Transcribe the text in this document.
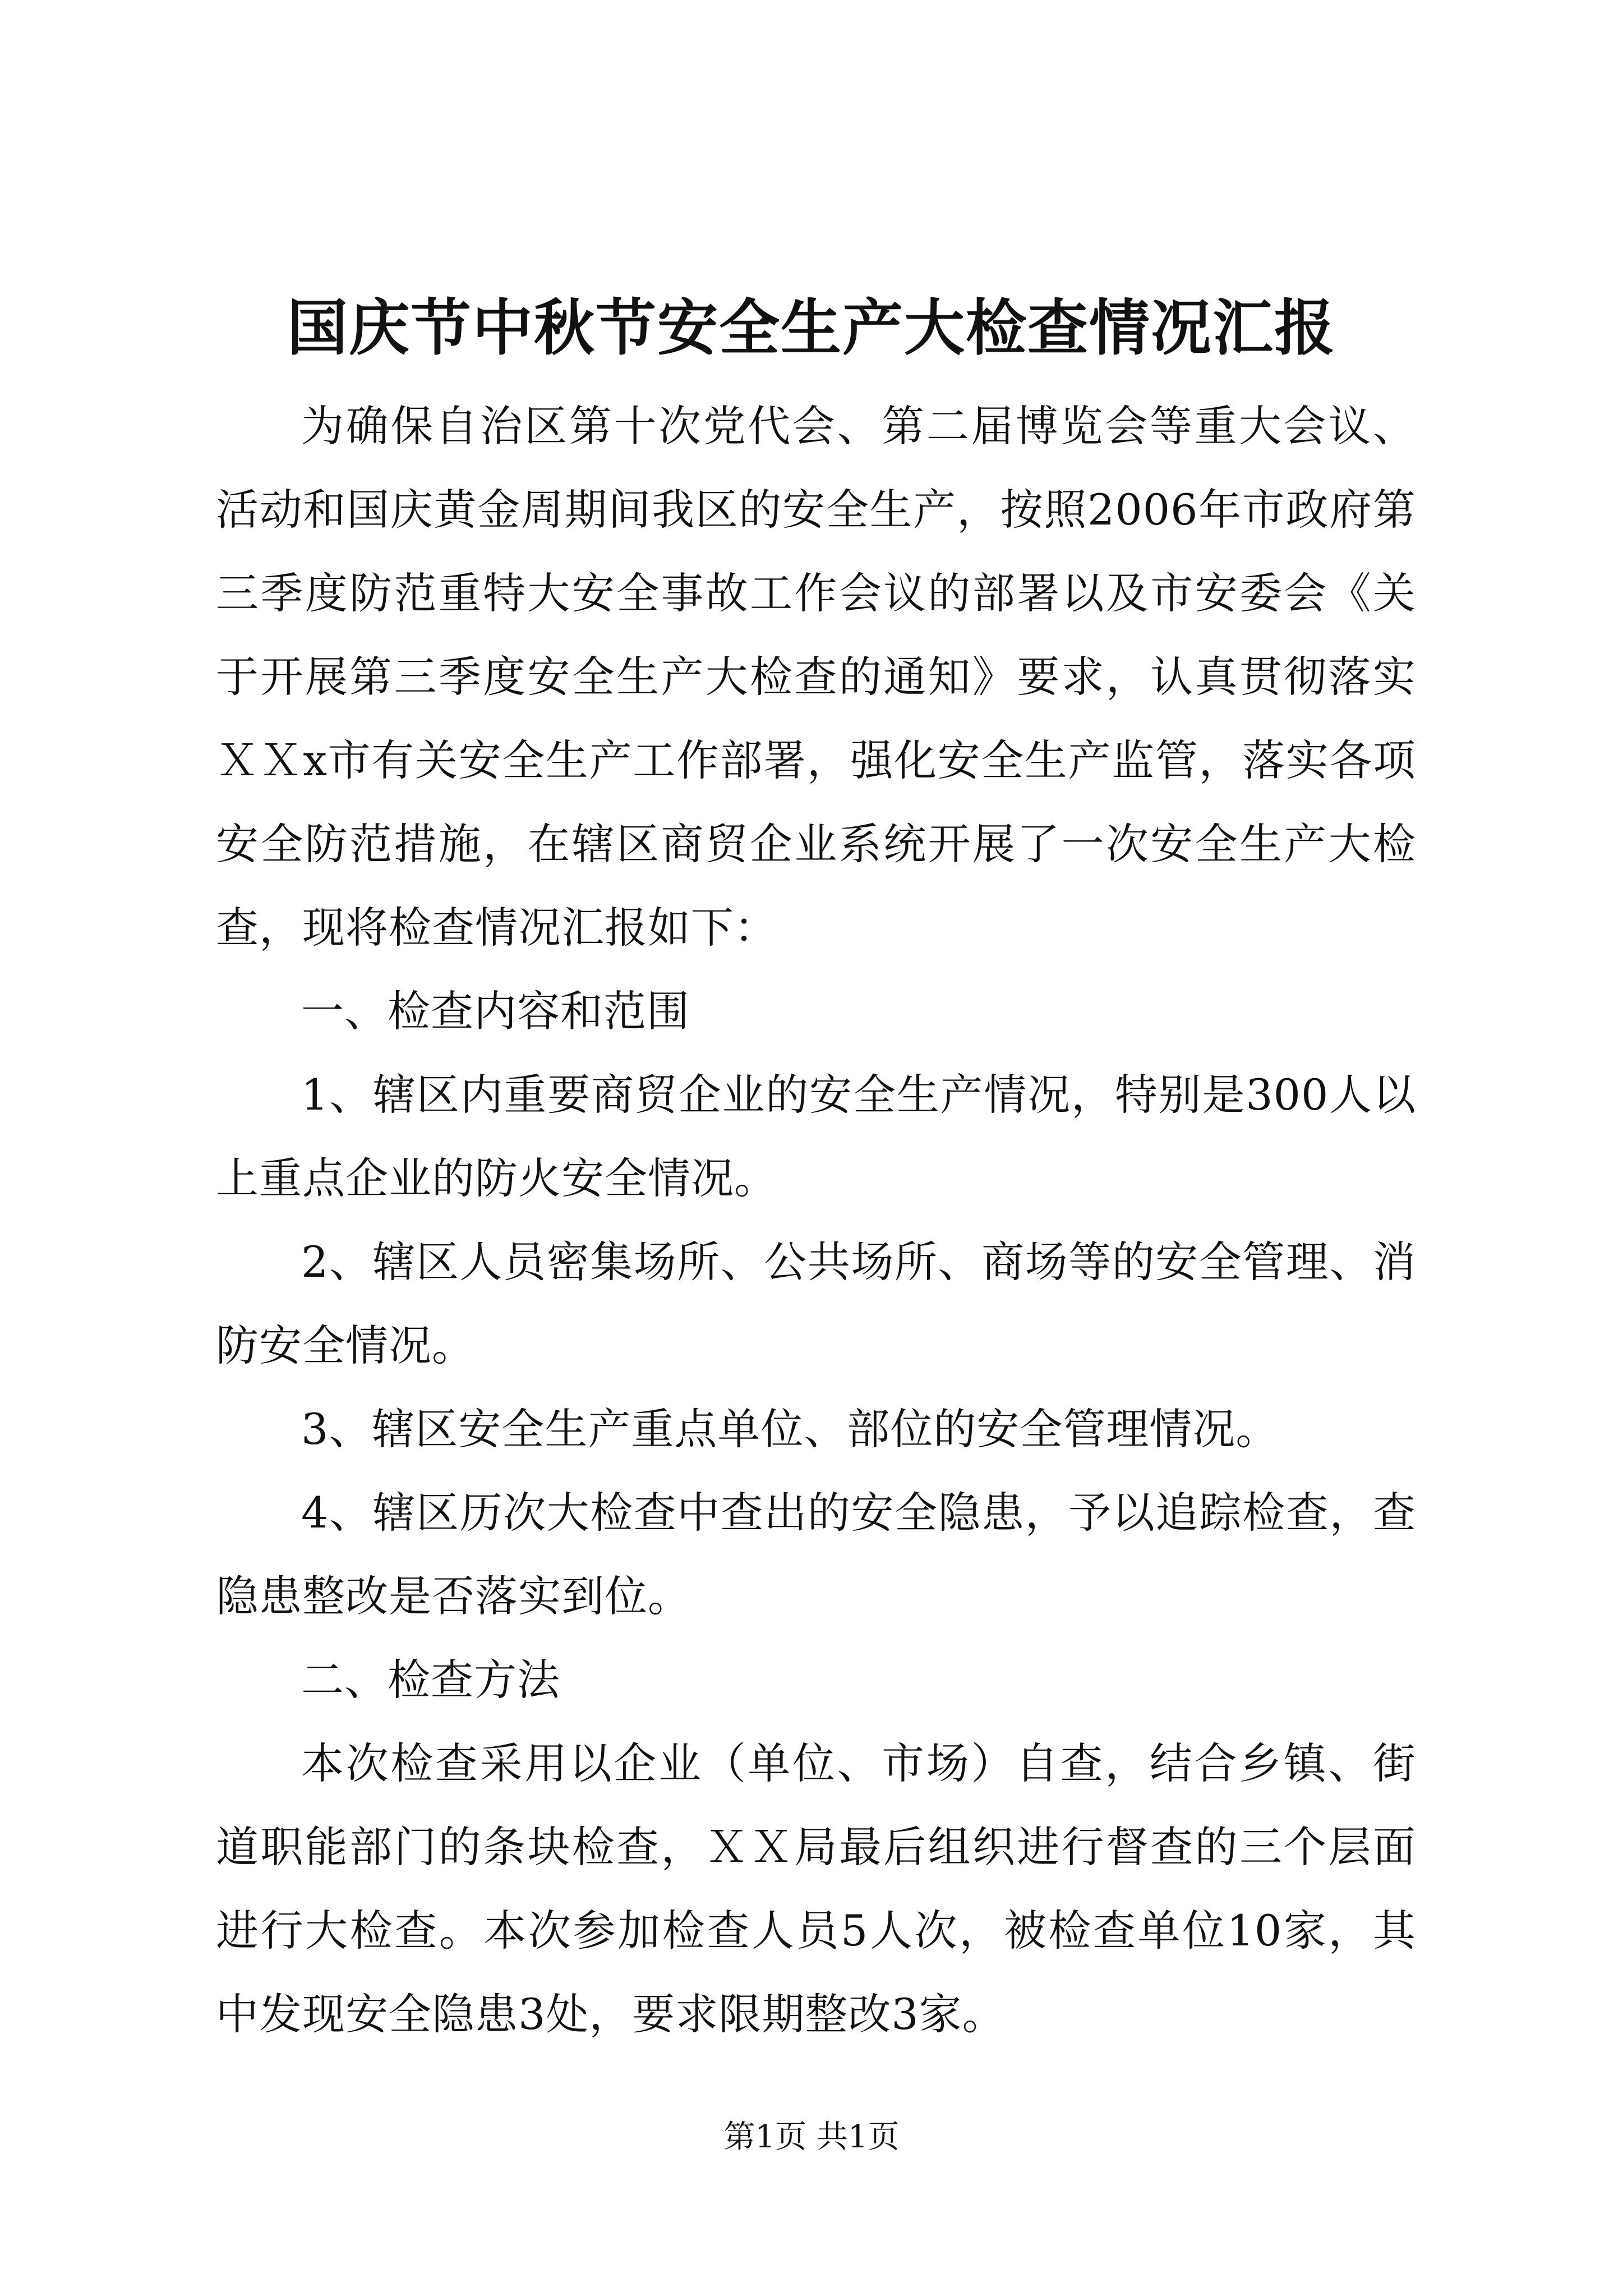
国庆节中秋节安全生产大检查情况汇报

为确保自治区第十次党代会、第二届博览会等重大会议、活动和国庆黄金周期间我区的安全生产，按照2006年市政府第三季度防范重特大安全事故工作会议的部署以及市安委会《关于开展第三季度安全生产大检查的通知》要求，认真贯彻落实ＸＸx市有关安全生产工作部署，强化安全生产监管，落实各项安全防范措施，在辖区商贸企业系统开展了一次安全生产大检查，现将检查情况汇报如下：

一、检查内容和范围

1、辖区内重要商贸企业的安全生产情况，特别是300人以上重点企业的防火安全情况。

2、辖区人员密集场所、公共场所、商场等的安全管理、消防安全情况。

3、辖区安全生产重点单位、部位的安全管理情况。

4、辖区历次大检查中查出的安全隐患，予以追踪检查，查隐患整改是否落实到位。

二、检查方法

本次检查采用以企业（单位、市场）自查，结合乡镇、街道职能部门的条块检查，ＸＸ局最后组织进行督查的三个层面进行大检查。本次参加检查人员5人次，被检查单位10家，其中发现安全隐患3处，要求限期整改3家。

第1页 共1页
